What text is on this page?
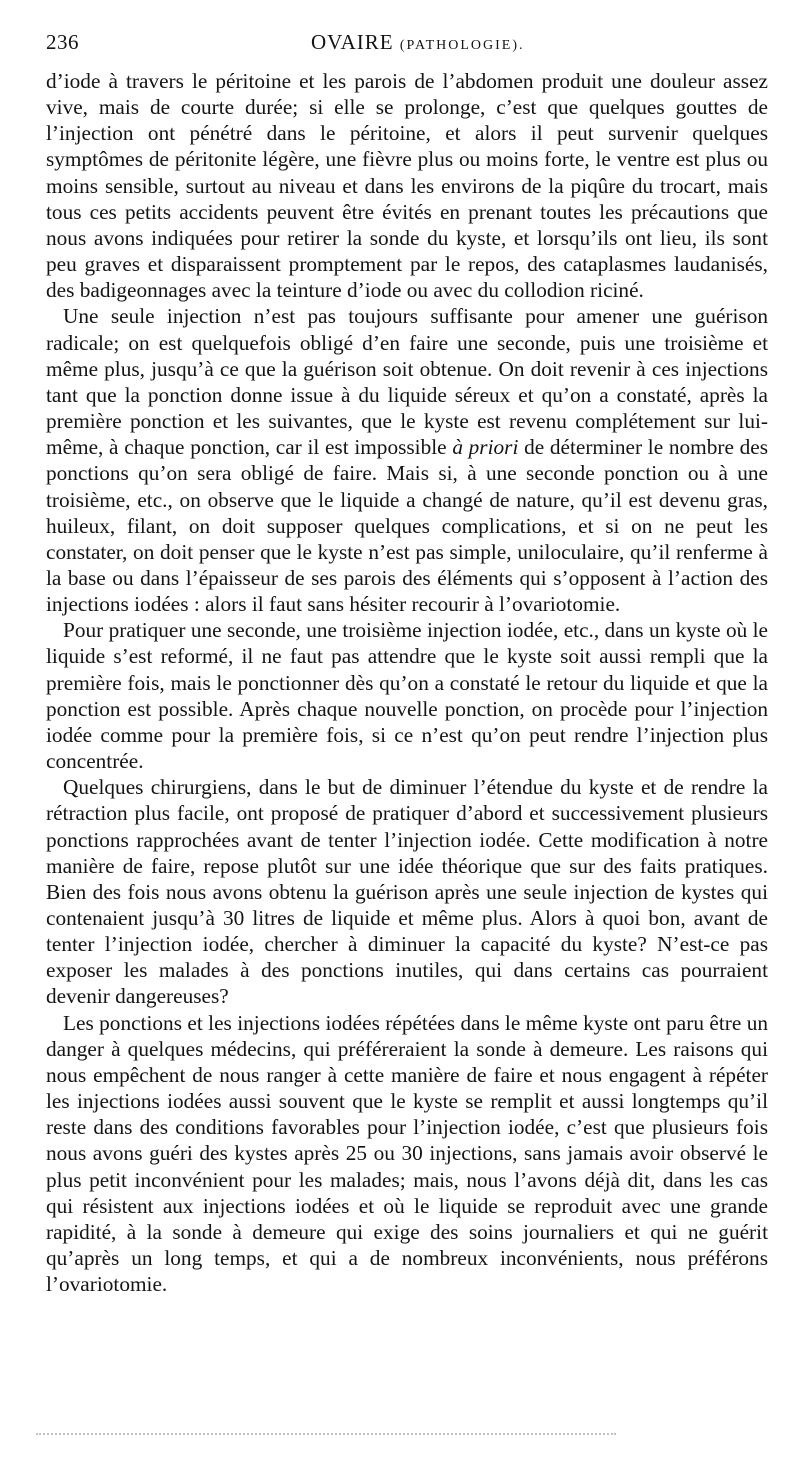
236	OVAIRE (PATHOLOGIE).

d’iode à travers le péritoine et les parois de l’abdomen produit une douleur assez vive, mais de courte durée; si elle se prolonge, c’est que quelques gouttes de l’injection ont pénétré dans le péritoine, et alors il peut survenir quelques symptômes de péritonite légère, une fièvre plus ou moins forte, le ventre est plus ou moins sensible, surtout au niveau et dans les environs de la piqûre du trocart, mais tous ces petits accidents peuvent être évités en prenant toutes les précautions que nous avons indiquées pour retirer la sonde du kyste, et lorsqu’ils ont lieu, ils sont peu graves et disparaissent promptement par le repos, des cataplasmes laudanisés, des badigeonnages avec la teinture d’iode ou avec du collodion riciné.

Une seule injection n’est pas toujours suffisante pour amener une guérison radicale; on est quelquefois obligé d’en faire une seconde, puis une troisième et même plus, jusqu’à ce que la guérison soit obtenue. On doit revenir à ces injections tant que la ponction donne issue à du liquide séreux et qu’on a constaté, après la première ponction et les suivantes, que le kyste est revenu complétement sur lui-même, à chaque ponction, car il est impossible à priori de déterminer le nombre des ponctions qu’on sera obligé de faire. Mais si, à une seconde ponction ou à une troisième, etc., on observe que le liquide a changé de nature, qu’il est devenu gras, huileux, filant, on doit supposer quelques complications, et si on ne peut les constater, on doit penser que le kyste n’est pas simple, uniloculaire, qu’il renferme à la base ou dans l’épaisseur de ses parois des éléments qui s’opposent à l’action des injections iodées : alors il faut sans hésiter recourir à l’ovariotomie.

Pour pratiquer une seconde, une troisième injection iodée, etc., dans un kyste où le liquide s’est reformé, il ne faut pas attendre que le kyste soit aussi rempli que la première fois, mais le ponctionner dès qu’on a constaté le retour du liquide et que la ponction est possible. Après chaque nouvelle ponction, on procède pour l’injection iodée comme pour la première fois, si ce n’est qu’on peut rendre l’injection plus concentrée.

Quelques chirurgiens, dans le but de diminuer l’étendue du kyste et de rendre la rétraction plus facile, ont proposé de pratiquer d’abord et successivement plusieurs ponctions rapprochées avant de tenter l’injection iodée. Cette modification à notre manière de faire, repose plutôt sur une idée théorique que sur des faits pratiques. Bien des fois nous avons obtenu la guérison après une seule injection de kystes qui contenaient jusqu’à 30 litres de liquide et même plus. Alors à quoi bon, avant de tenter l’injection iodée, chercher à diminuer la capacité du kyste? N’est-ce pas exposer les malades à des ponctions inutiles, qui dans certains cas pourraient devenir dangereuses?

Les ponctions et les injections iodées répétées dans le même kyste ont paru être un danger à quelques médecins, qui préféreraient la sonde à demeure. Les raisons qui nous empêchent de nous ranger à cette manière de faire et nous engagent à répéter les injections iodées aussi souvent que le kyste se remplit et aussi longtemps qu’il reste dans des conditions favorables pour l’injection iodée, c’est que plusieurs fois nous avons guéri des kystes après 25 ou 30 injections, sans jamais avoir observé le plus petit inconvénient pour les malades; mais, nous l’avons déjà dit, dans les cas qui résistent aux injections iodées et où le liquide se reproduit avec une grande rapidité, à la sonde à demeure qui exige des soins journaliers et qui ne guérit qu’après un long temps, et qui a de nombreux inconvénients, nous préférons l’ovariotomie.
